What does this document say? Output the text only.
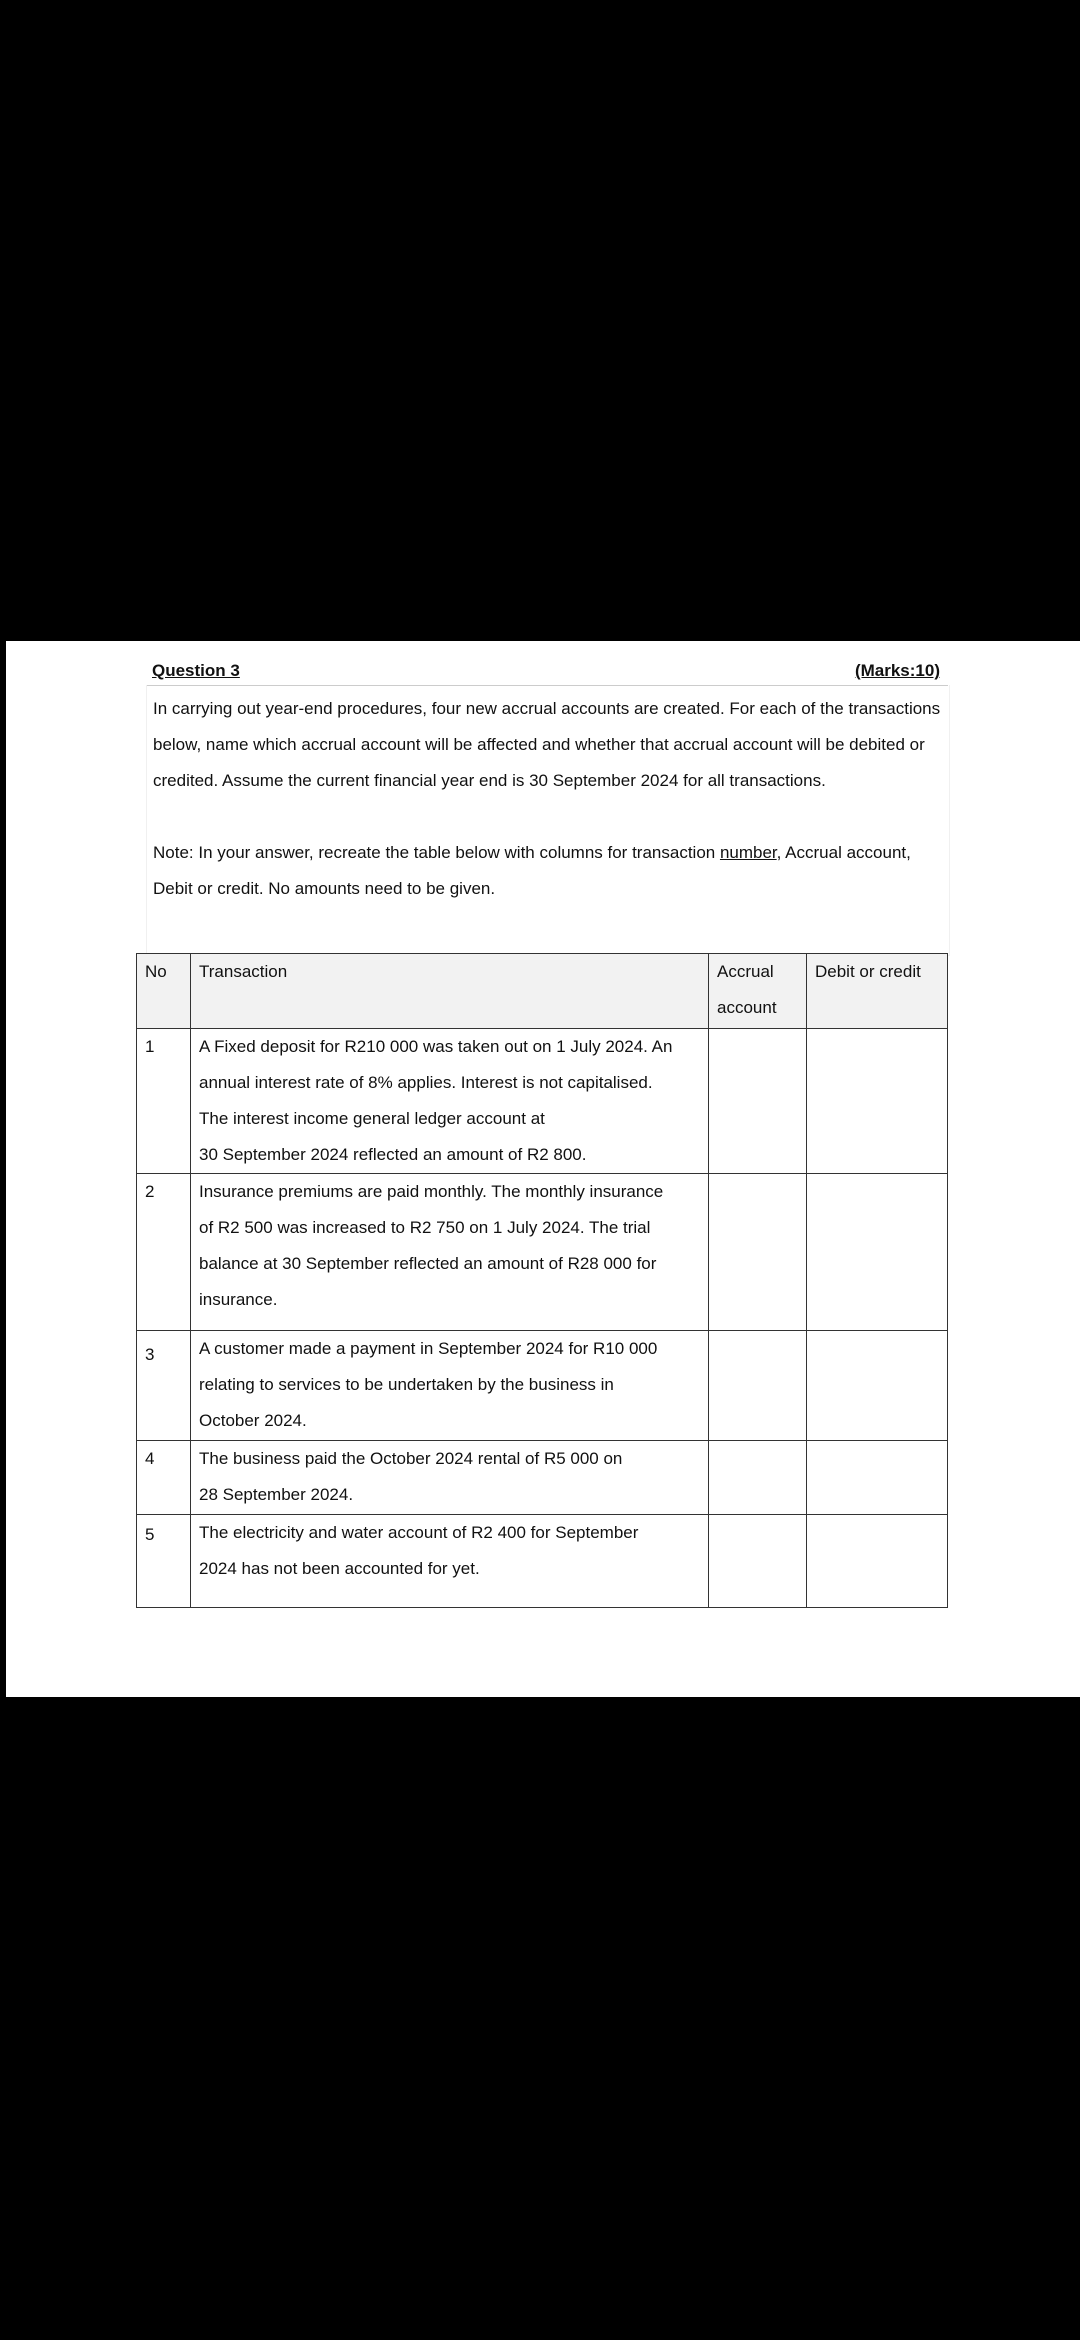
Question 3	(Marks:10)

In carrying out year-end procedures, four new accrual accounts are created. For each of the transactions below, name which accrual account will be affected and whether that accrual account will be debited or credited. Assume the current financial year end is 30 September 2024 for all transactions.

Note: In your answer, recreate the table below with columns for transaction number, Accrual account, Debit or credit. No amounts need to be given.

No	Transaction	Accrual account	Debit or credit
1	A Fixed deposit for R210 000 was taken out on 1 July 2024. An
annual interest rate of 8% applies. Interest is not capitalised.
The interest income general ledger account at
30 September 2024 reflected an amount of R2 800.		
2	Insurance premiums are paid monthly. The monthly insurance
of R2 500 was increased to R2 750 on 1 July 2024. The trial
balance at 30 September reflected an amount of R28 000 for
insurance.		
3	A customer made a payment in September 2024 for R10 000
relating to services to be undertaken by the business in
October 2024.		
4	The business paid the October 2024 rental of R5 000 on
28 September 2024.		
5	The electricity and water account of R2 400 for September
2024 has not been accounted for yet.		
